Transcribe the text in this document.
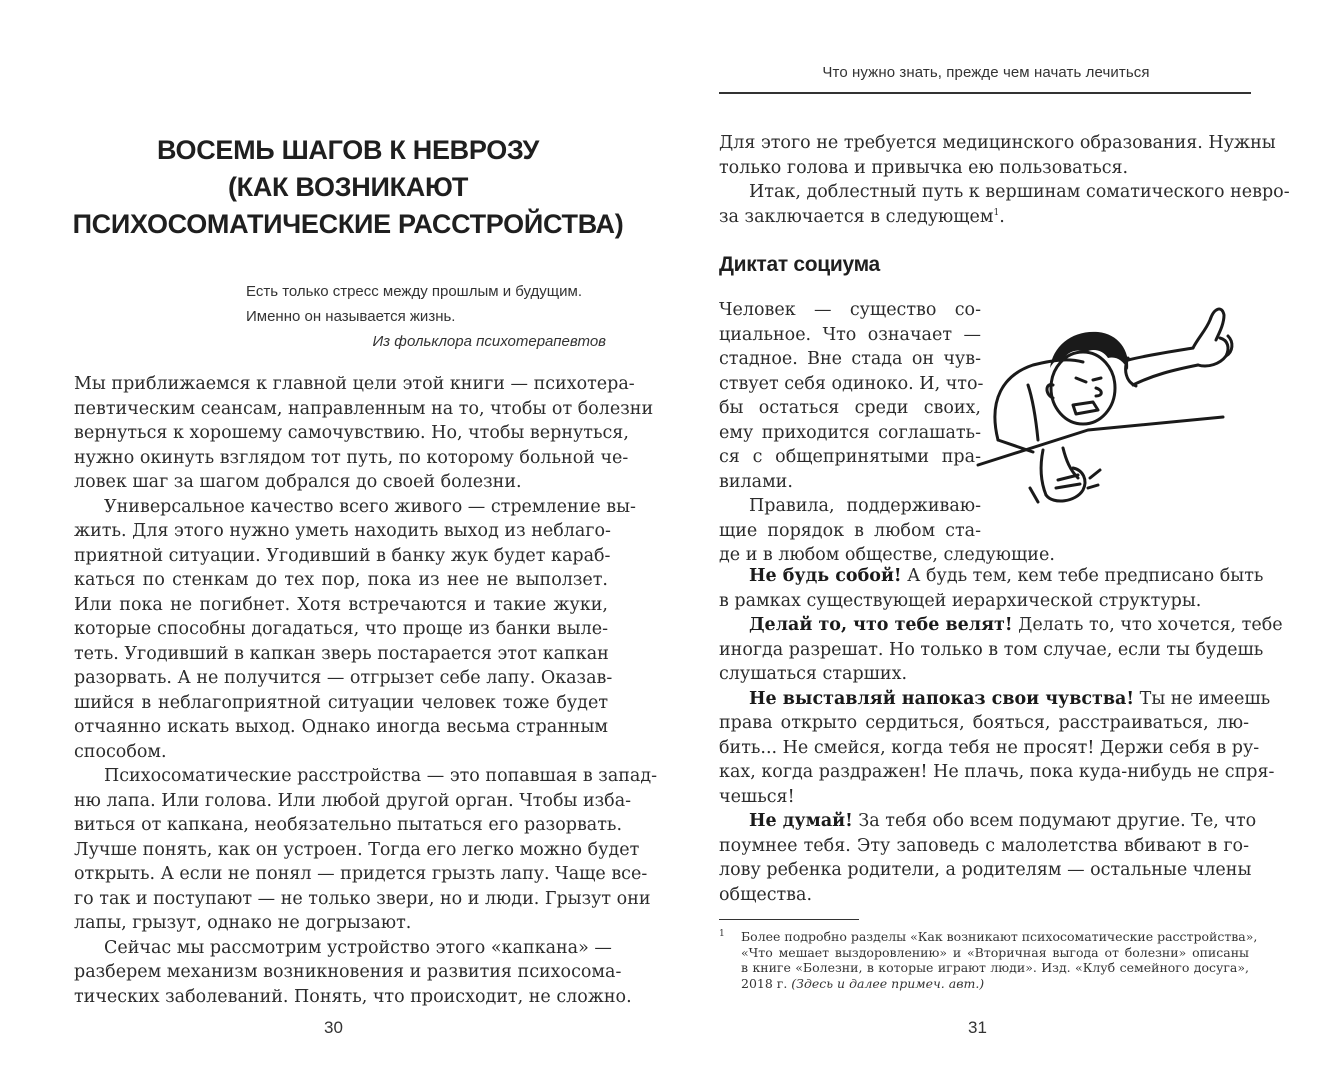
ВОСЕМЬ ШАГОВ К НЕВРОЗУ
(КАК ВОЗНИКАЮТ
ПСИХОСОМАТИЧЕСКИЕ РАССТРОЙСТВА)
Есть только стресс между прошлым и будущим.
Именно он называется жизнь.
Из фольклора психотерапевтов
Мы приближаемся к главной цели этой книги — психотера-
певтическим сеансам, направленным на то, чтобы от болезни
вернуться к хорошему самочувствию. Но, чтобы вернуться,
нужно окинуть взглядом тот путь, по которому больной че-
ловек шаг за шагом добрался до своей болезни.
Универсальное качество всего живого — стремление вы-
жить. Для этого нужно уметь находить выход из неблаго-
приятной ситуации. Угодивший в банку жук будет караб-
каться по стенкам до тех пор, пока из нее не выползет.
Или пока не погибнет. Хотя встречаются и такие жуки,
которые способны догадаться, что проще из банки выле-
теть. Угодивший в капкан зверь постарается этот капкан
разорвать. А не получится — отгрызет себе лапу. Оказав-
шийся в неблагоприятной ситуации человек тоже будет
отчаянно искать выход. Однако иногда весьма странным
способом.
Психосоматические расстройства — это попавшая в запад-
ню лапа. Или голова. Или любой другой орган. Чтобы изба-
виться от капкана, необязательно пытаться его разорвать.
Лучше понять, как он устроен. Тогда его легко можно будет
открыть. А если не понял — придется грызть лапу. Чаще все-
го так и поступают — не только звери, но и люди. Грызут они
лапы, грызут, однако не догрызают.
Сейчас мы рассмотрим устройство этого «капкана» —
разберем механизм возникновения и развития психосома-
тических заболеваний. Понять, что происходит, не сложно.
30
Что нужно знать, прежде чем начать лечиться
Для этого не требуется медицинского образования. Нужны
только голова и привычка ею пользоваться.
Итак, доблестный путь к вершинам соматического невро-
за заключается в следующем$^1$.
Диктат социума
Человек — существо со-
циальное. Что означает —
стадное. Вне стада он чув-
ствует себя одиноко. И, что-
бы остаться среди своих,
ему приходится соглашать-
ся с общепринятыми пра-
вилами.
Правила, поддерживаю-
щие порядок в любом ста-
де и в любом обществе, следующие.
Не будь собой! А будь тем, кем тебе предписано быть
в рамках существующей иерархической структуры.
Делай то, что тебе велят! Делать то, что хочется, тебе
иногда разрешат. Но только в том случае, если ты будешь
слушаться старших.
Не выставляй напоказ свои чувства! Ты не имеешь
права открыто сердиться, бояться, расстраиваться, лю-
бить... Не смейся, когда тебя не просят! Держи себя в ру-
ках, когда раздражен! Не плачь, пока куда-нибудь не спря-
чешься!
Не думай! За тебя обо всем подумают другие. Те, что
поумнее тебя. Эту заповедь с малолетства вбивают в го-
лову ребенка родители, а родителям — остальные члены
общества.
1 Более подробно разделы «Как возникают психосоматические расстройства»,
«Что мешает выздоровлению» и «Вторичная выгода от болезни» описаны
в книге «Болезни, в которые играют люди». Изд. «Клуб семейного досуга»,
2018 г. (Здесь и далее примеч. авт.)
31
